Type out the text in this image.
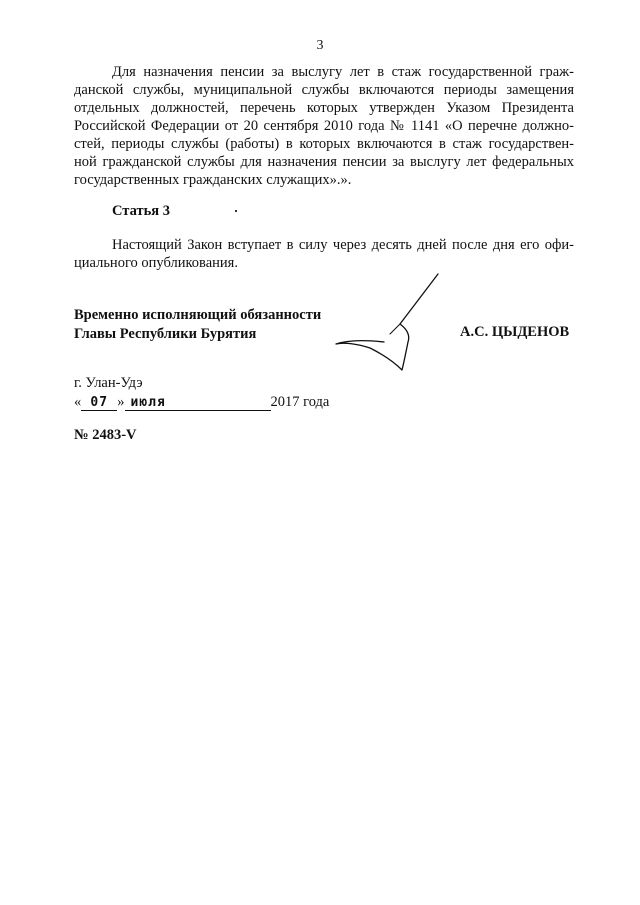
3
Для назначения пенсии за выслугу лет в стаж государственной граж-
данской службы, муниципальной службы включаются периоды замещения
отдельных должностей, перечень которых утвержден Указом Президента
Российской Федерации от 20 сентября 2010 года № 1141 «О перечне должно-
стей, периоды службы (работы) в которых включаются в стаж государствен-
ной гражданской службы для назначения пенсии за выслугу лет федеральных
государственных гражданских служащих».».
Статья 3
Настоящий Закон вступает в силу через десять дней после дня его офи-
циального опубликования.
Временно исполняющий обязанности
Главы Республики Бурятия	А.С. ЦЫДЕНОВ
г. Улан-Удэ
« 07 » июля	2017 года
№ 2483-V
